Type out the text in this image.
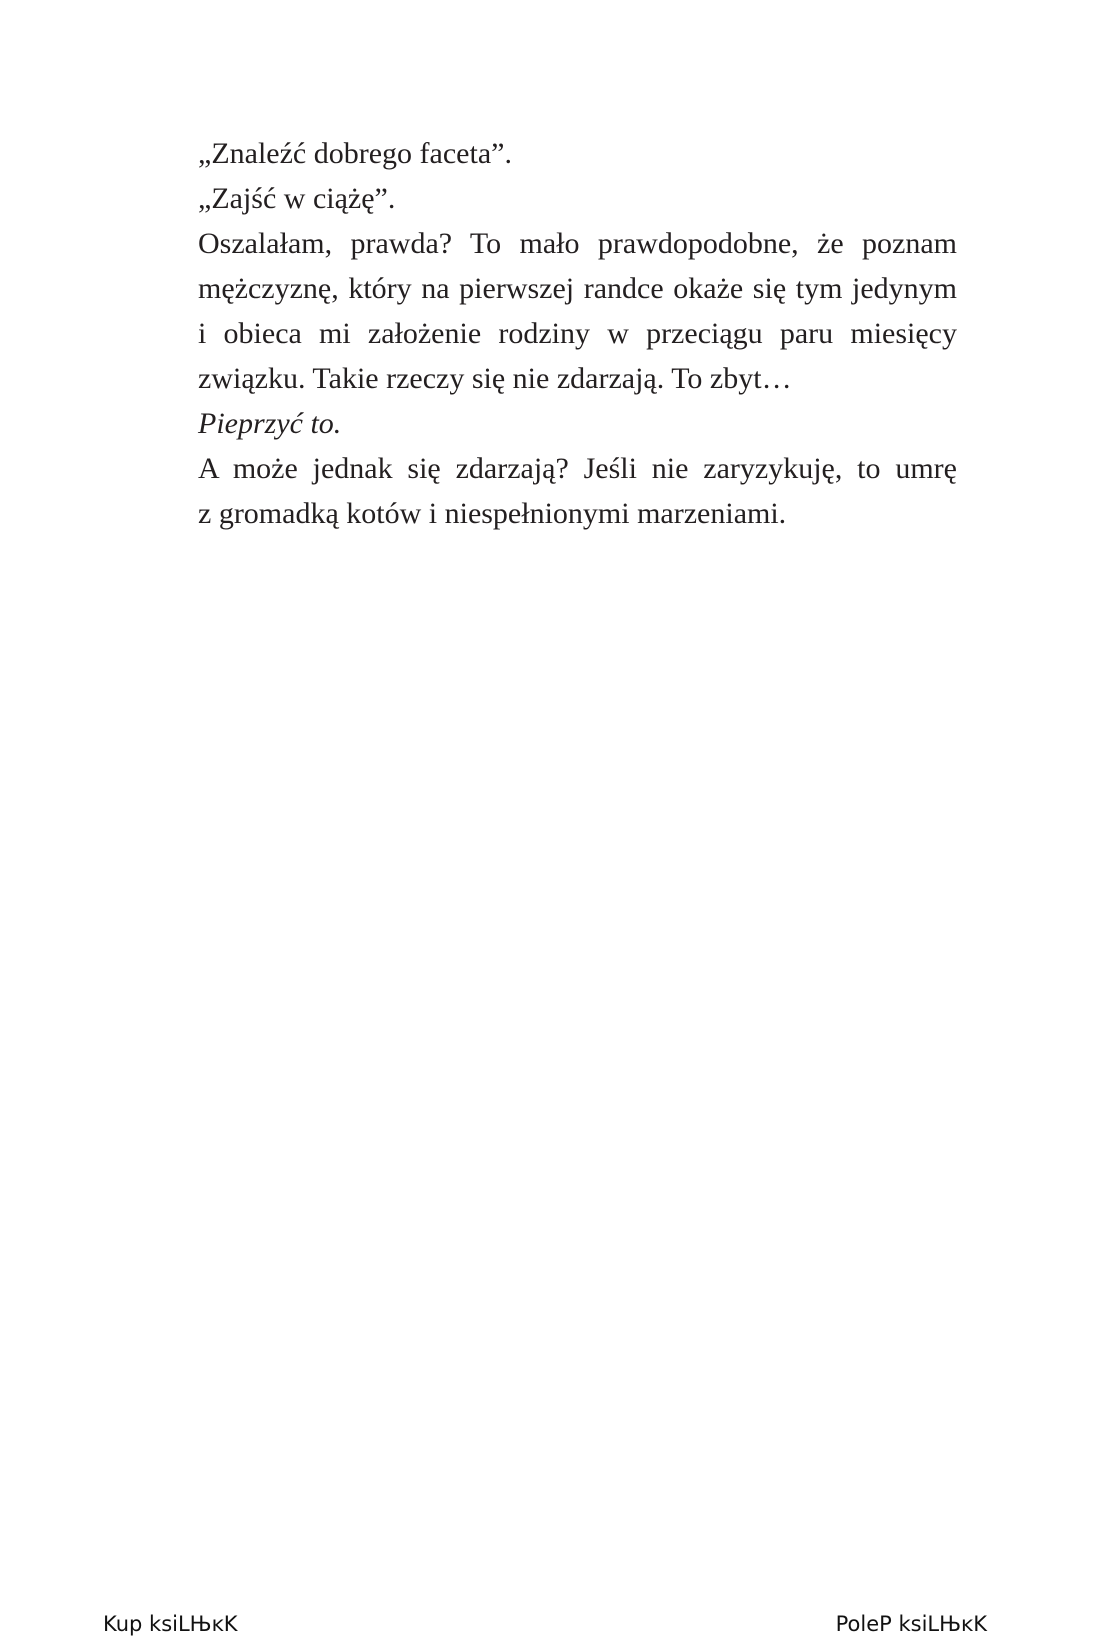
„Znaleźć dobrego faceta”.

„Zajść w ciążę”.

Oszalałam, prawda? To mało prawdopodobne, że poznam
mężczyznę, który na pierwszej randce okaże się tym jedynym
i obieca mi założenie rodziny w przeciągu paru miesięcy
związku. Takie rzeczy się nie zdarzają. To zbyt…

Pieprzyć to.

A może jednak się zdarzają? Jeśli nie zaryzykuję, to umrę
z gromadką kotów i niespełnionymi marzeniami.

Kup ksiLЊĸK	PoleP ksiLЊĸK
